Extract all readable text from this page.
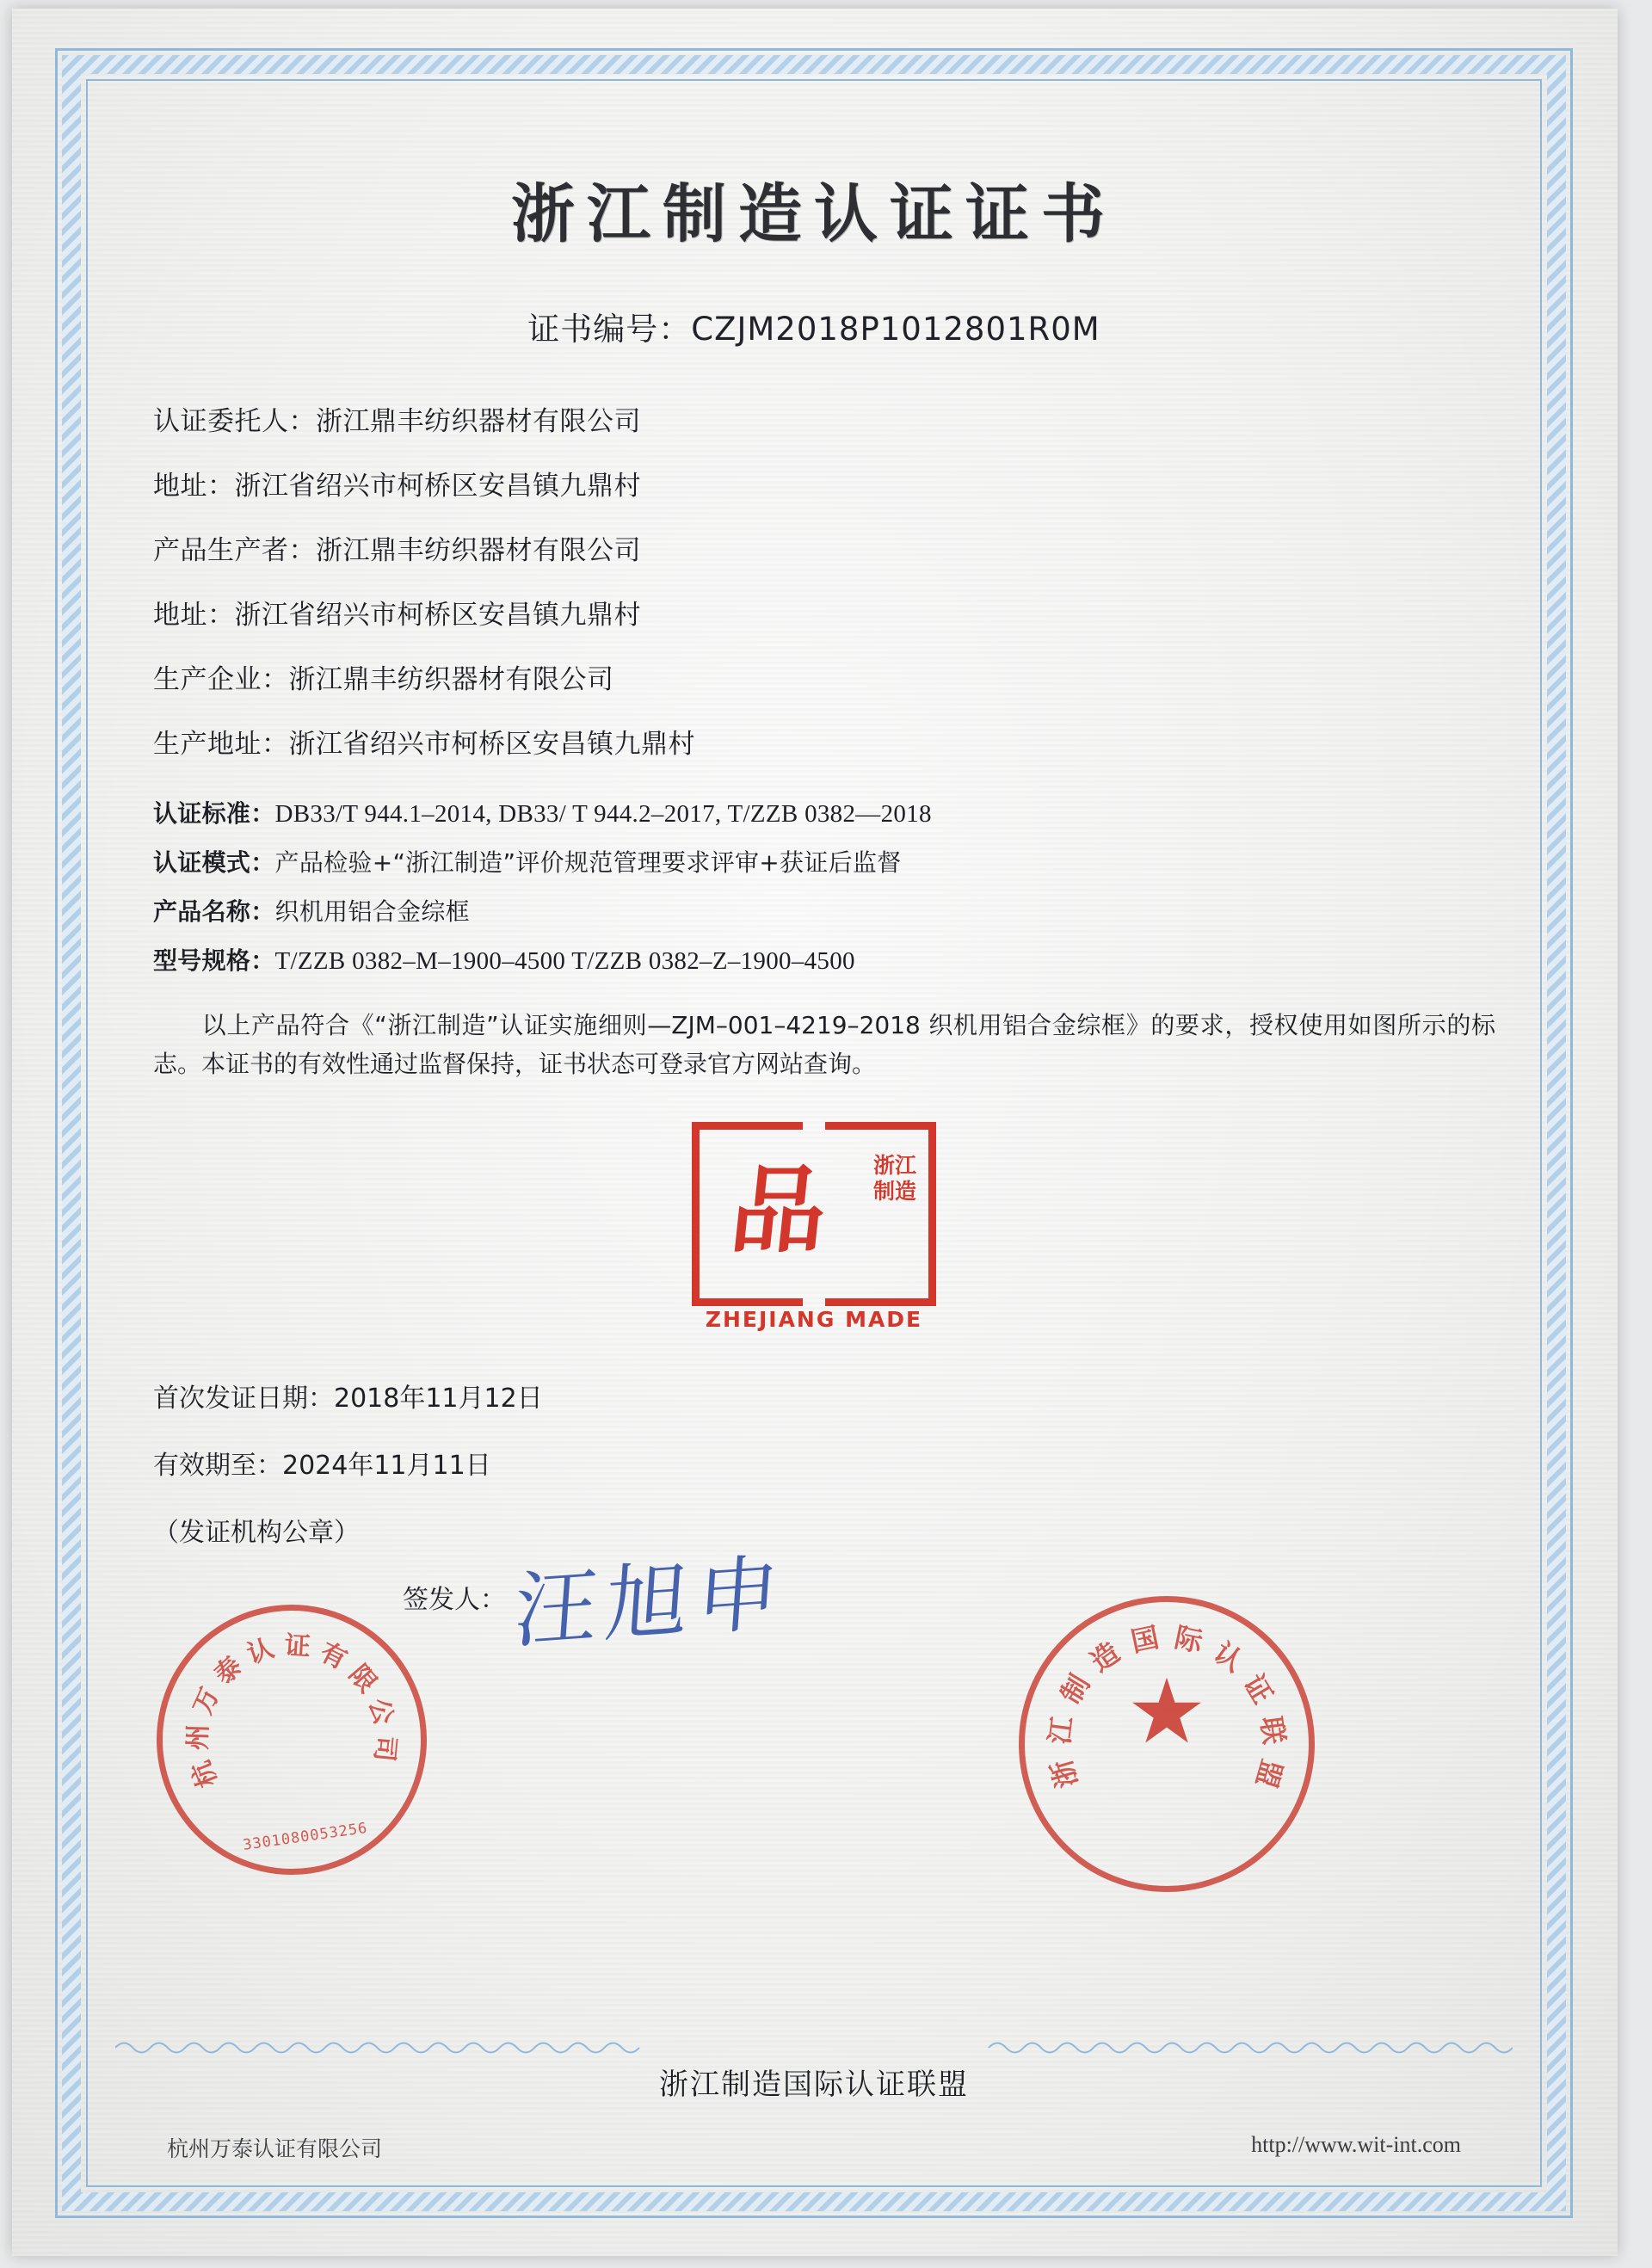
浙江制造认证证书
证书编号：CZJM2018P1012801R0M
认证委托人：浙江鼎丰纺织器材有限公司
地址：浙江省绍兴市柯桥区安昌镇九鼎村
产品生产者：浙江鼎丰纺织器材有限公司
地址：浙江省绍兴市柯桥区安昌镇九鼎村
生产企业：浙江鼎丰纺织器材有限公司
生产地址：浙江省绍兴市柯桥区安昌镇九鼎村
认证标准：DB33/T 944.1–2014, DB33/ T 944.2–2017, T/ZZB 0382—2018
认证模式：产品检验+“浙江制造”评价规范管理要求评审+获证后监督
产品名称：织机用铝合金综框
型号规格：T/ZZB 0382–M–1900–4500 T/ZZB 0382–Z–1900–4500
以上产品符合《“浙江制造”认证实施细则—ZJM–001–4219–2018 织机用铝合金综框》的要求，授权使用如图所示的标志。本证书的有效性通过监督保持，证书状态可登录官方网站查询。
品	浙江制造
ZHEJIANG MADE
首次发证日期：2018年11月12日
有效期至：2024年11月11日
（发证机构公章）
签发人： 汪旭申
杭
州
万
泰
认 证 有
限
公
司
3301080053256
浙
江
制
造 国 际 认
证
联
盟
浙江制造国际认证联盟
杭州万泰认证有限公司	http://www.wit-int.com
